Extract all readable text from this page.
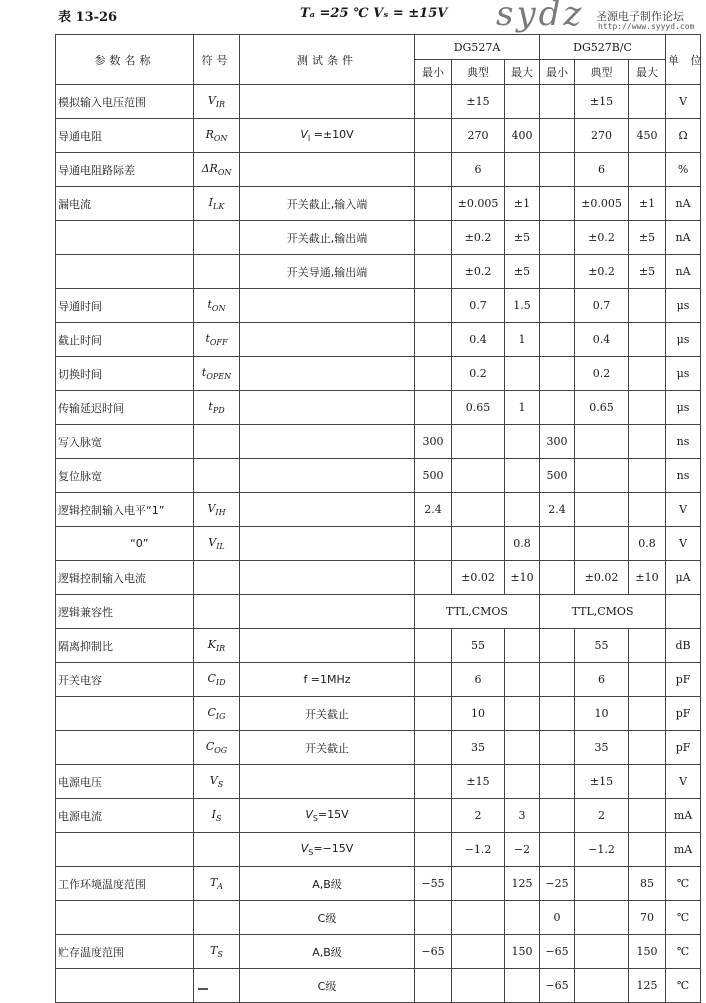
表 13-26	Tₐ =25 ℃ Vₛ = ±15V sydz 圣源电子制作论坛
http://www.syyyd.com
参数名称	符号	测试条件	DG527A			DG527B/C			单 位
			最小	典型	最大	最小	典型	最大	
模拟输入电压范围	$V_{IR}$			±15			±15		V
导通电阻	$R_{ON}$	$V_I =\pm 10V$		270	400		270	450	Ω
导通电阻路际差	$\Delta R_{ON}$			6			6		%
漏电流	$I_{LK}$	开关截止,输入端		±0.005	±1		±0.005	±1	nA
		开关截止,输出端		±0.2	±5		±0.2	±5	nA
		开关导通,输出端		±0.2	±5		±0.2	±5	nA
导通时间	$t_{ON}$			0.7	1.5		0.7		μs
截止时间	$t_{OFF}$			0.4	1		0.4		μs
切换时间	$t_{OPEN}$			0.2			0.2		μs
传输延迟时间	$t_{PD}$			0.65	1		0.65		μs
写入脉宽			300			300			ns
复位脉宽			500			500			ns
逻辑控制输入电平“1”	$V_{IH}$		2.4			2.4			V
“0”	$V_{IL}$				0.8			0.8	V
逻辑控制输入电流				±0.02	±10		±0.02	±10	μA
逻辑兼容性			TTL,CMOS			TTL,CMOS			
隔离抑制比	$K_{IR}$			55			55		dB
开关电容	$C_{ID}$	f =1MHz		6			6		pF
	$C_{IG}$	开关截止		10			10		pF
	$C_{OG}$	开关截止		35			35		pF
电源电压	$V_S$			±15			±15		V
电源电流	$I_S$	$V_S=15V$		2	3		2		mA
		$V_S=-15V$		−1.2	−2		−1.2		mA
工作环境温度范围	$T_A$	A,B级	−55		125	−25		85	℃
		C级				0		70	℃
贮存温度范围	$T_S$	A,B级	−65		150	−65		150	℃
		C级				−65		125	℃
